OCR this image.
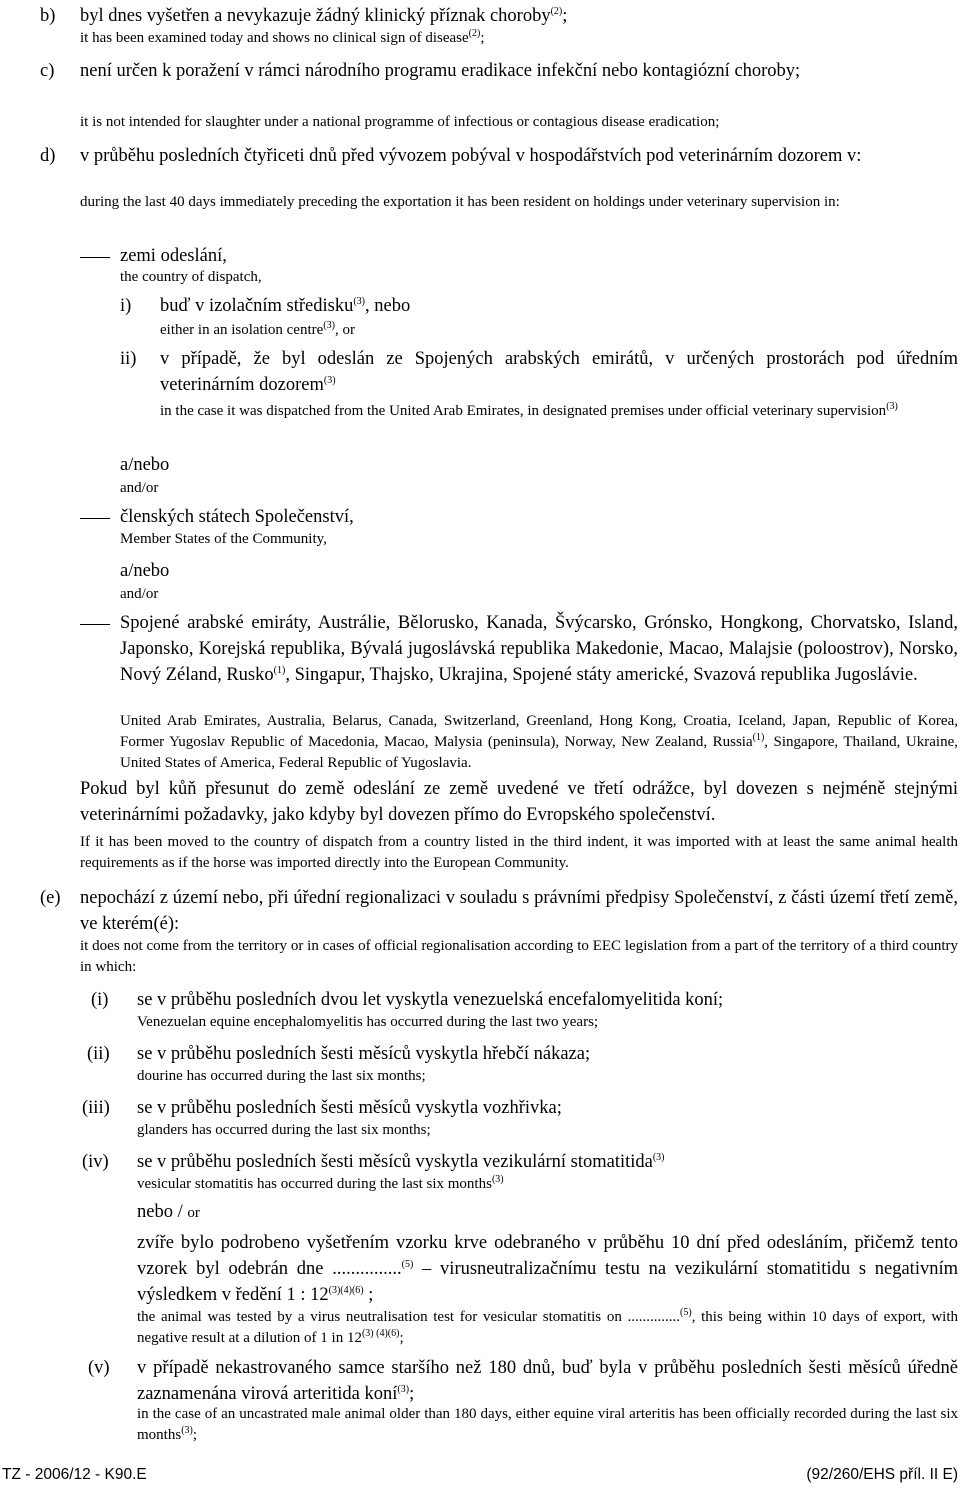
b) byl dnes vyšetřen a nevykazuje žádný klinický příznak choroby$^{(2)}$;
it has been examined today and shows no clinical sign of disease$^{(2)}$;
c) není určen k poražení v rámci národního programu eradikace infekční nebo kontagiózní choroby;
it is not intended for slaughter under a national programme of infectious or contagious disease eradication;
d) v průběhu posledních čtyřiceti dnů před vývozem pobýval v hospodářstvích pod veterinárním dozorem v:
during the last 40 days immediately preceding the exportation it has been resident on holdings under veterinary supervision in:
zemi odeslání,
the country of dispatch,
i) buď v izolačním středisku$^{(3)}$, nebo
either in an isolation centre$^{(3)}$, or
ii) v případě, že byl odeslán ze Spojených arabských emirátů, v určených prostorách pod úředním veterinárním dozorem$^{(3)}$
in the case it was dispatched from the United Arab Emirates, in designated premises under official veterinary supervision$^{(3)}$
a/nebo
and/or
členských státech Společenství,
Member States of the Community,
a/nebo
and/or
Spojené arabské emiráty, Austrálie, Bělorusko, Kanada, Švýcarsko, Grónsko, Hongkong, Chorvatsko, Island, Japonsko, Korejská republika, Bývalá jugoslávská republika Makedonie, Macao, Malajsie (poloostrov), Norsko, Nový Zéland, Rusko$^{(1)}$, Singapur, Thajsko, Ukrajina, Spojené státy americké, Svazová republika Jugoslávie.
United Arab Emirates, Australia, Belarus, Canada, Switzerland, Greenland, Hong Kong, Croatia, Iceland, Japan, Republic of Korea, Former Yugoslav Republic of Macedonia, Macao, Malysia (peninsula), Norway, New Zealand, Russia$^{(1)}$, Singapore, Thailand, Ukraine, United States of America, Federal Republic of Yugoslavia.
Pokud byl kůň přesunut do země odeslání ze země uvedené ve třetí odrážce, byl dovezen s nejméně stejnými veterinárními požadavky, jako kdyby byl dovezen přímo do Evropského společenství.
If it has been moved to the country of dispatch from a country listed in the third indent, it was imported with at least the same animal health requirements as if the horse was imported directly into the European Community.
(e) nepochází z území nebo, při úřední regionalizaci v souladu s právními předpisy Společenství, z části území třetí země, ve kterém(é):
it does not come from the territory or in cases of official regionalisation according to EEC legislation from a part of the territory of a third country in which:
(i) se v průběhu posledních dvou let vyskytla venezuelská encefalomyelitida koní;
Venezuelan equine encephalomyelitis has occurred during the last two years;
(ii) se v průběhu posledních šesti měsíců vyskytla hřebčí nákaza;
dourine has occurred during the last six months;
(iii) se v průběhu posledních šesti měsíců vyskytla vozhřivka;
glanders has occurred during the last six months;
(iv) se v průběhu posledních šesti měsíců vyskytla vezikulární stomatitida$^{(3)}$
vesicular stomatitis has occurred during the last six months$^{(3)}$
nebo / or
zvíře bylo podrobeno vyšetřením vzorku krve odebraného v průběhu 10 dní před odesláním, přičemž tento vzorek byl odebrán dne ...............$^{(5)}$ – virusneutralizačnímu testu na vezikulární stomatitidu s negativním výsledkem v ředění 1 : $12^{(3)(4)(6)}$ ;
the animal was tested by a virus neutralisation test for vesicular stomatitis on ..............$^{(5)}$, this being within 10 days of export, with negative result at a dilution of 1 in $12^{(3) (4)(6)}$;
(v) v případě nekastrovaného samce staršího než 180 dnů, buď byla v průběhu posledních šesti měsíců úředně zaznamenána virová arteritida koní$^{(3)}$;
in the case of an uncastrated male animal older than 180 days, either equine viral arteritis has been officially recorded during the last six months$^{(3)}$;
TZ - 2006/12 - K90.E	(92/260/EHS příl. II E)
